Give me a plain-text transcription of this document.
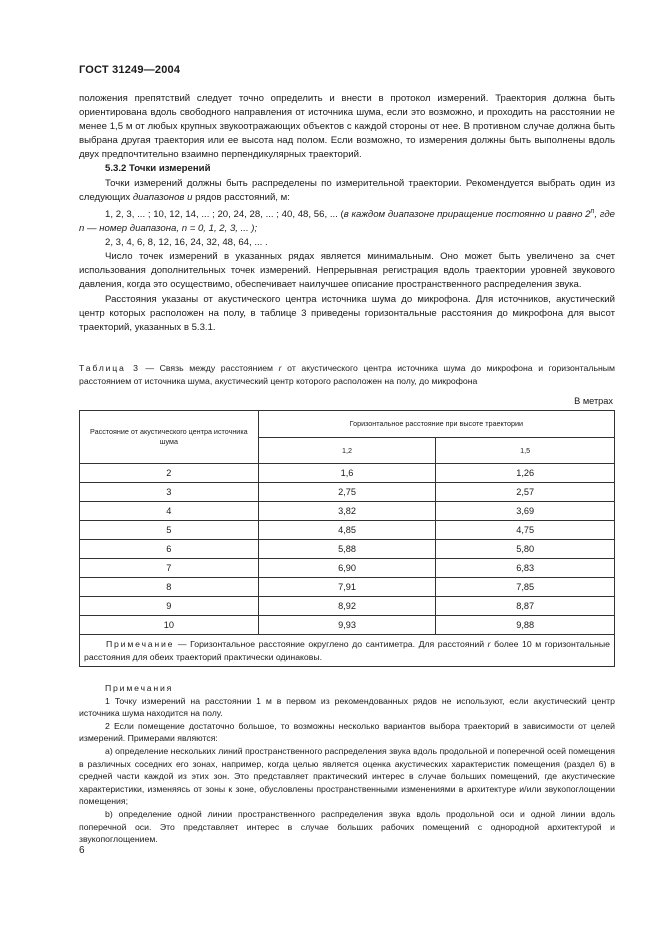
ГОСТ 31249—2004

положения препятствий следует точно определить и внести в протокол измерений. Траектория должна быть ориентирована вдоль свободного направления от источника шума, если это возможно, и проходить на расстоянии не менее 1,5 м от любых крупных звукоотражающих объектов с каждой стороны от нее. В противном случае должна быть выбрана другая траектория или ее высота над полом. Если возможно, то измерения должны быть выполнены вдоль двух предпочтительно взаимно перпендикулярных траекторий.

5.3.2 Точки измерений

Точки измерений должны быть распределены по измерительной траектории. Рекомендуется выбрать один из следующих диапазонов и рядов расстояний, м:

1, 2, 3, ... ; 10, 12, 14, ... ; 20, 24, 28, ... ; 40, 48, 56, ... (в каждом диапазоне приращение постоянно и равно 2$^n$, где n — номер диапазона, n = 0, 1, 2, 3, ... );

2, 3, 4, 6, 8, 12, 16, 24, 32, 48, 64, ... .

Число точек измерений в указанных рядах является минимальным. Оно может быть увеличено за счет использования дополнительных точек измерений. Непрерывная регистрация вдоль траектории уровней звукового давления, когда это осуществимо, обеспечивает наилучшее описание пространственного распределения звука.

Расстояния указаны от акустического центра источника шума до микрофона. Для источников, акустический центр которых расположен на полу, в таблице 3 приведены горизонтальные расстояния до микрофона для высот траекторий, указанных в 5.3.1.

Таблица 3 — Связь между расстоянием r от акустического центра источника шума до микрофона и горизонтальным расстоянием от источника шума, акустический центр которого расположен на полу, до микрофона

В метрах
Расстояние от акустического центра источника шума	Горизонтальное расстояние при высоте траектории	
	1,2	1,5
2	1,6	1,26
3	2,75	2,57
4	3,82	3,69
5	4,85	4,75
6	5,88	5,80
7	6,90	6,83
8	7,91	7,85
9	8,92	8,87
10	9,93	9,88
Примечание — Горизонтальное расстояние округлено до сантиметра. Для расстояний r более 10 м горизонтальные расстояния для обеих траекторий практически одинаковы.		

Примечания

1 Точку измерений на расстоянии 1 м в первом из рекомендованных рядов не используют, если акустический центр источника шума находится на полу.

2 Если помещение достаточно большое, то возможны несколько вариантов выбора траекторий в зависимости от целей измерений. Примерами являются:

а) определение нескольких линий пространственного распределения звука вдоль продольной и поперечной осей помещения в различных соседних его зонах, например, когда целью является оценка акустических характеристик помещения (раздел 6) в средней части каждой из этих зон. Это представляет практический интерес в случае больших помещений, где акустические характеристики, изменяясь от зоны к зоне, обусловлены пространственными изменениями в архитектуре и/или звукопоглощении помещения;

b) определение одной линии пространственного распределения звука вдоль продольной оси и одной линии вдоль поперечной оси. Это представляет интерес в случае больших рабочих помещений с однородной архитектурой и звукопоглощением.

6
